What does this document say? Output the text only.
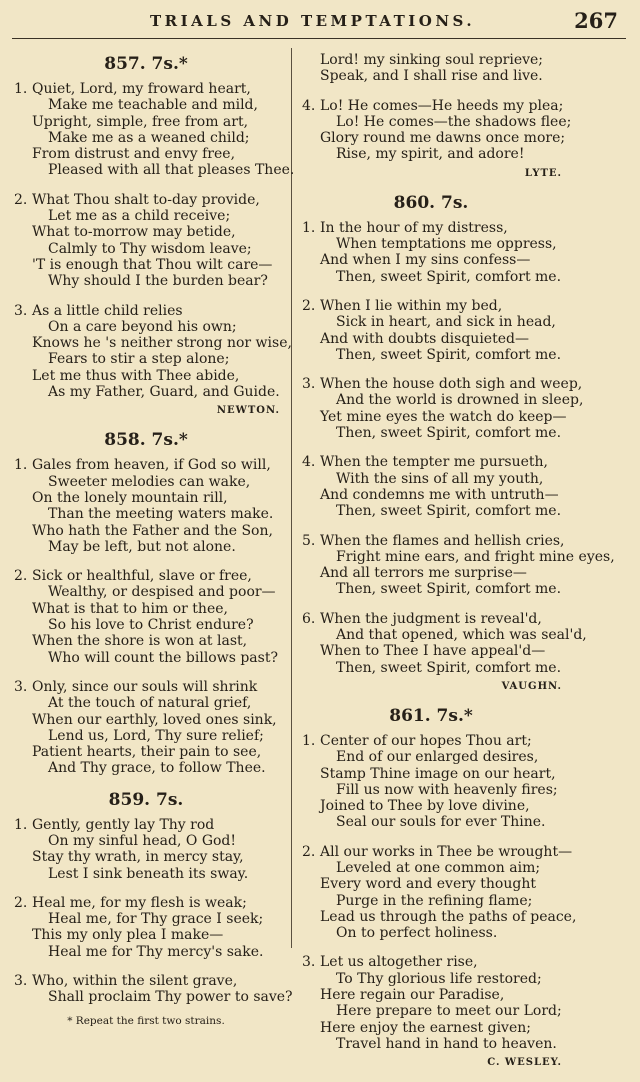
TRIALS AND TEMPTATIONS.	267
857. 7s.*
1. Quiet, Lord, my froward heart,
Make me teachable and mild,
Upright, simple, free from art,
Make me as a weaned child;
From distrust and envy free,
Pleased with all that pleases Thee.
2. What Thou shalt to-day provide,
Let me as a child receive;
What to-morrow may betide,
Calmly to Thy wisdom leave;
'T is enough that Thou wilt care—
Why should I the burden bear?
3. As a little child relies
On a care beyond his own;
Knows he 's neither strong nor wise,
Fears to stir a step alone;
Let me thus with Thee abide,
As my Father, Guard, and Guide.
NEWTON.
858. 7s.*
1. Gales from heaven, if God so will,
Sweeter melodies can wake,
On the lonely mountain rill,
Than the meeting waters make.
Who hath the Father and the Son,
May be left, but not alone.
2. Sick or healthful, slave or free,
Wealthy, or despised and poor—
What is that to him or thee,
So his love to Christ endure?
When the shore is won at last,
Who will count the billows past?
3. Only, since our souls will shrink
At the touch of natural grief,
When our earthly, loved ones sink,
Lend us, Lord, Thy sure relief;
Patient hearts, their pain to see,
And Thy grace, to follow Thee.
859. 7s.
1. Gently, gently lay Thy rod
On my sinful head, O God!
Stay thy wrath, in mercy stay,
Lest I sink beneath its sway.
2. Heal me, for my flesh is weak;
Heal me, for Thy grace I seek;
This my only plea I make—
Heal me for Thy mercy's sake.
3. Who, within the silent grave,
Shall proclaim Thy power to save?
* Repeat the first two strains.
Lord! my sinking soul reprieve;
Speak, and I shall rise and live.
4. Lo! He comes—He heeds my plea;
Lo! He comes—the shadows flee;
Glory round me dawns once more;
Rise, my spirit, and adore!
LYTE.
860. 7s.
1. In the hour of my distress,
When temptations me oppress,
And when I my sins confess—
Then, sweet Spirit, comfort me.
2. When I lie within my bed,
Sick in heart, and sick in head,
And with doubts disquieted—
Then, sweet Spirit, comfort me.
3. When the house doth sigh and weep,
And the world is drowned in sleep,
Yet mine eyes the watch do keep—
Then, sweet Spirit, comfort me.
4. When the tempter me pursueth,
With the sins of all my youth,
And condemns me with untruth—
Then, sweet Spirit, comfort me.
5. When the flames and hellish cries,
Fright mine ears, and fright mine eyes,
And all terrors me surprise—
Then, sweet Spirit, comfort me.
6. When the judgment is reveal'd,
And that opened, which was seal'd,
When to Thee I have appeal'd—
Then, sweet Spirit, comfort me.
VAUGHN.
861. 7s.*
1. Center of our hopes Thou art;
End of our enlarged desires,
Stamp Thine image on our heart,
Fill us now with heavenly fires;
Joined to Thee by love divine,
Seal our souls for ever Thine.
2. All our works in Thee be wrought—
Leveled at one common aim;
Every word and every thought
Purge in the refining flame;
Lead us through the paths of peace,
On to perfect holiness.
3. Let us altogether rise,
To Thy glorious life restored;
Here regain our Paradise,
Here prepare to meet our Lord;
Here enjoy the earnest given;
Travel hand in hand to heaven.
C. WESLEY.
